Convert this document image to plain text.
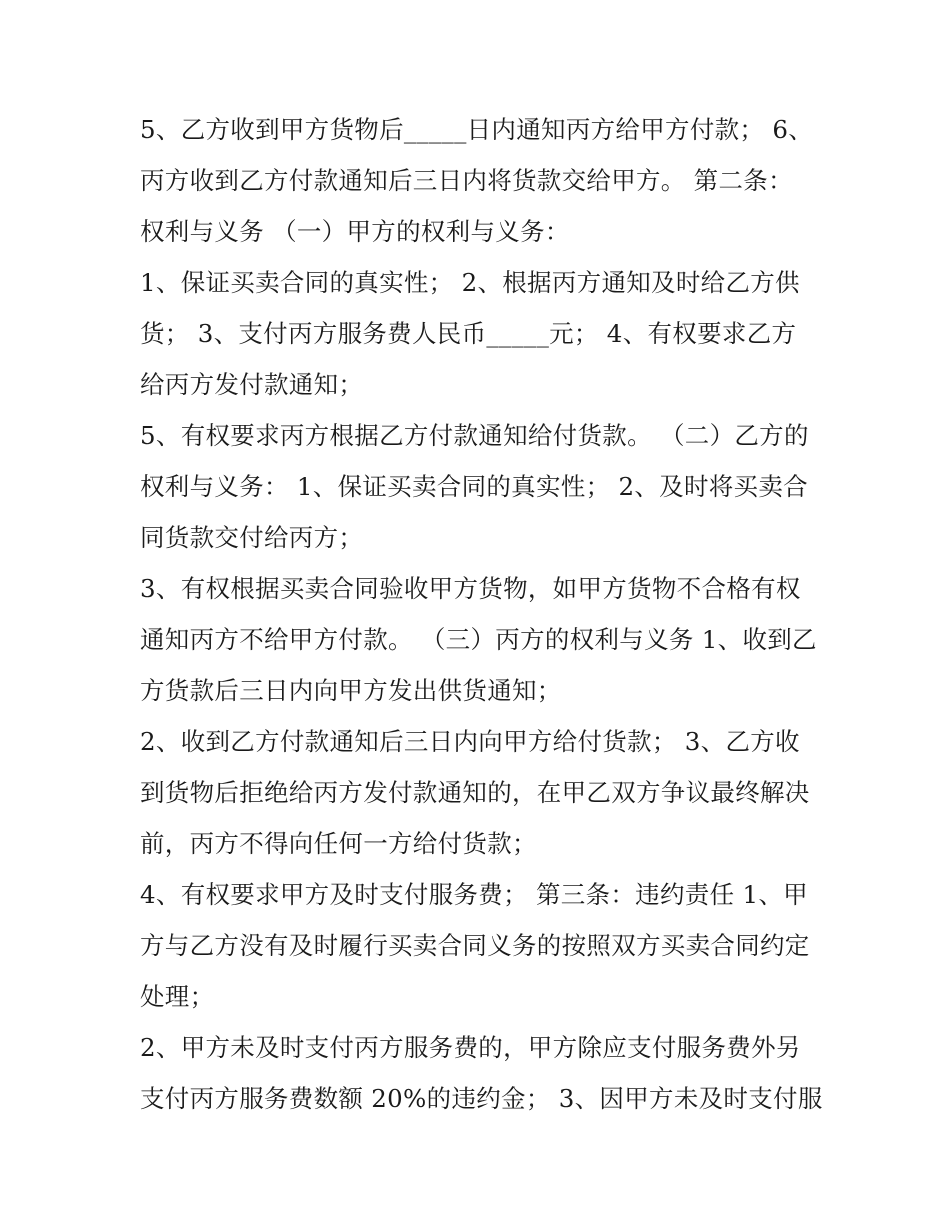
5、乙方收到甲方货物后_____日内通知丙方给甲方付款； 6、
丙方收到乙方付款通知后三日内将货款交给甲方。 第二条：
权利与义务 （一）甲方的权利与义务：
1、保证买卖合同的真实性； 2、根据丙方通知及时给乙方供
货； 3、支付丙方服务费人民币_____元； 4、有权要求乙方
给丙方发付款通知；
5、有权要求丙方根据乙方付款通知给付货款。 （二）乙方的
权利与义务： 1、保证买卖合同的真实性； 2、及时将买卖合
同货款交付给丙方；
3、有权根据买卖合同验收甲方货物，如甲方货物不合格有权
通知丙方不给甲方付款。 （三）丙方的权利与义务 1、收到乙
方货款后三日内向甲方发出供货通知；
2、收到乙方付款通知后三日内向甲方给付货款； 3、乙方收
到货物后拒绝给丙方发付款通知的，在甲乙双方争议最终解决
前，丙方不得向任何一方给付货款；
4、有权要求甲方及时支付服务费； 第三条：违约责任 1、甲
方与乙方没有及时履行买卖合同义务的按照双方买卖合同约定
处理；
2、甲方未及时支付丙方服务费的，甲方除应支付服务费外另
支付丙方服务费数额 20%的违约金； 3、因甲方未及时支付服
